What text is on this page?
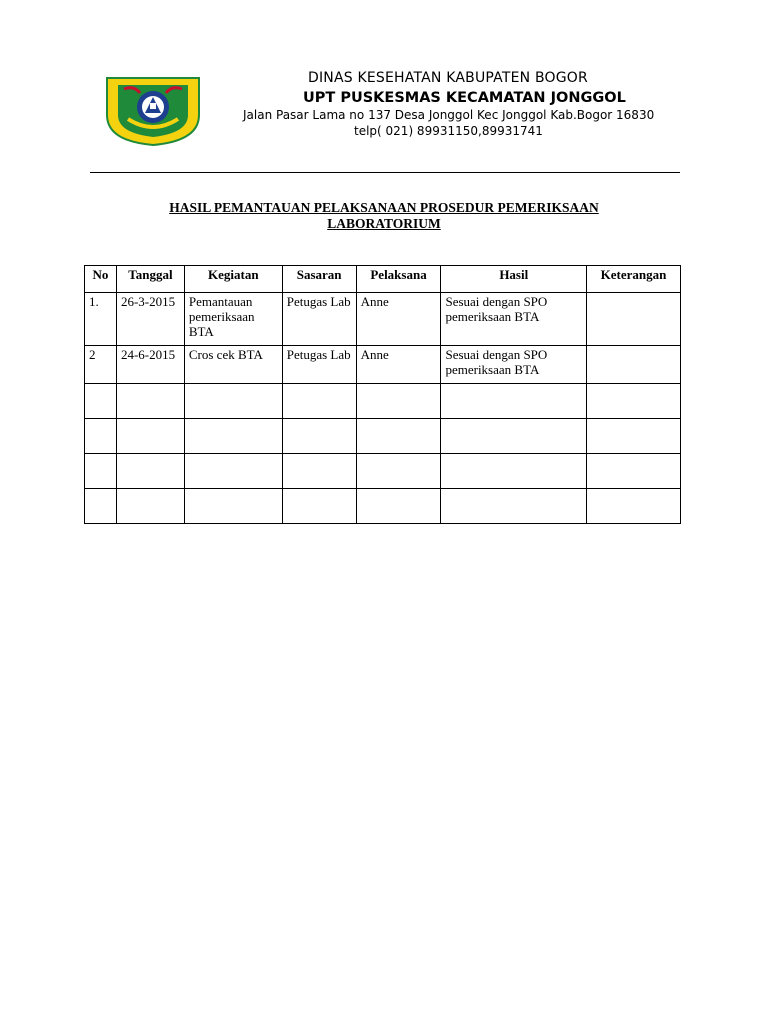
DINAS KESEHATAN KABUPATEN BOGOR
UPT PUSKESMAS KECAMATAN JONGGOL
Jalan Pasar Lama no 137 Desa Jonggol Kec Jonggol Kab.Bogor 16830
telp( 021) 89931150,89931741
HASIL PEMANTAUAN PELAKSANAAN PROSEDUR PEMERIKSAAN
LABORATORIUM
No	Tanggal	Kegiatan	Sasaran	Pelaksana	Hasil	Keterangan
1.	26-3-2015	Pemantauan pemeriksaan BTA	Petugas Lab	Anne	Sesuai dengan SPO pemeriksaan BTA	
2	24-6-2015	Cros cek BTA	Petugas Lab	Anne	Sesuai dengan SPO pemeriksaan BTA	
